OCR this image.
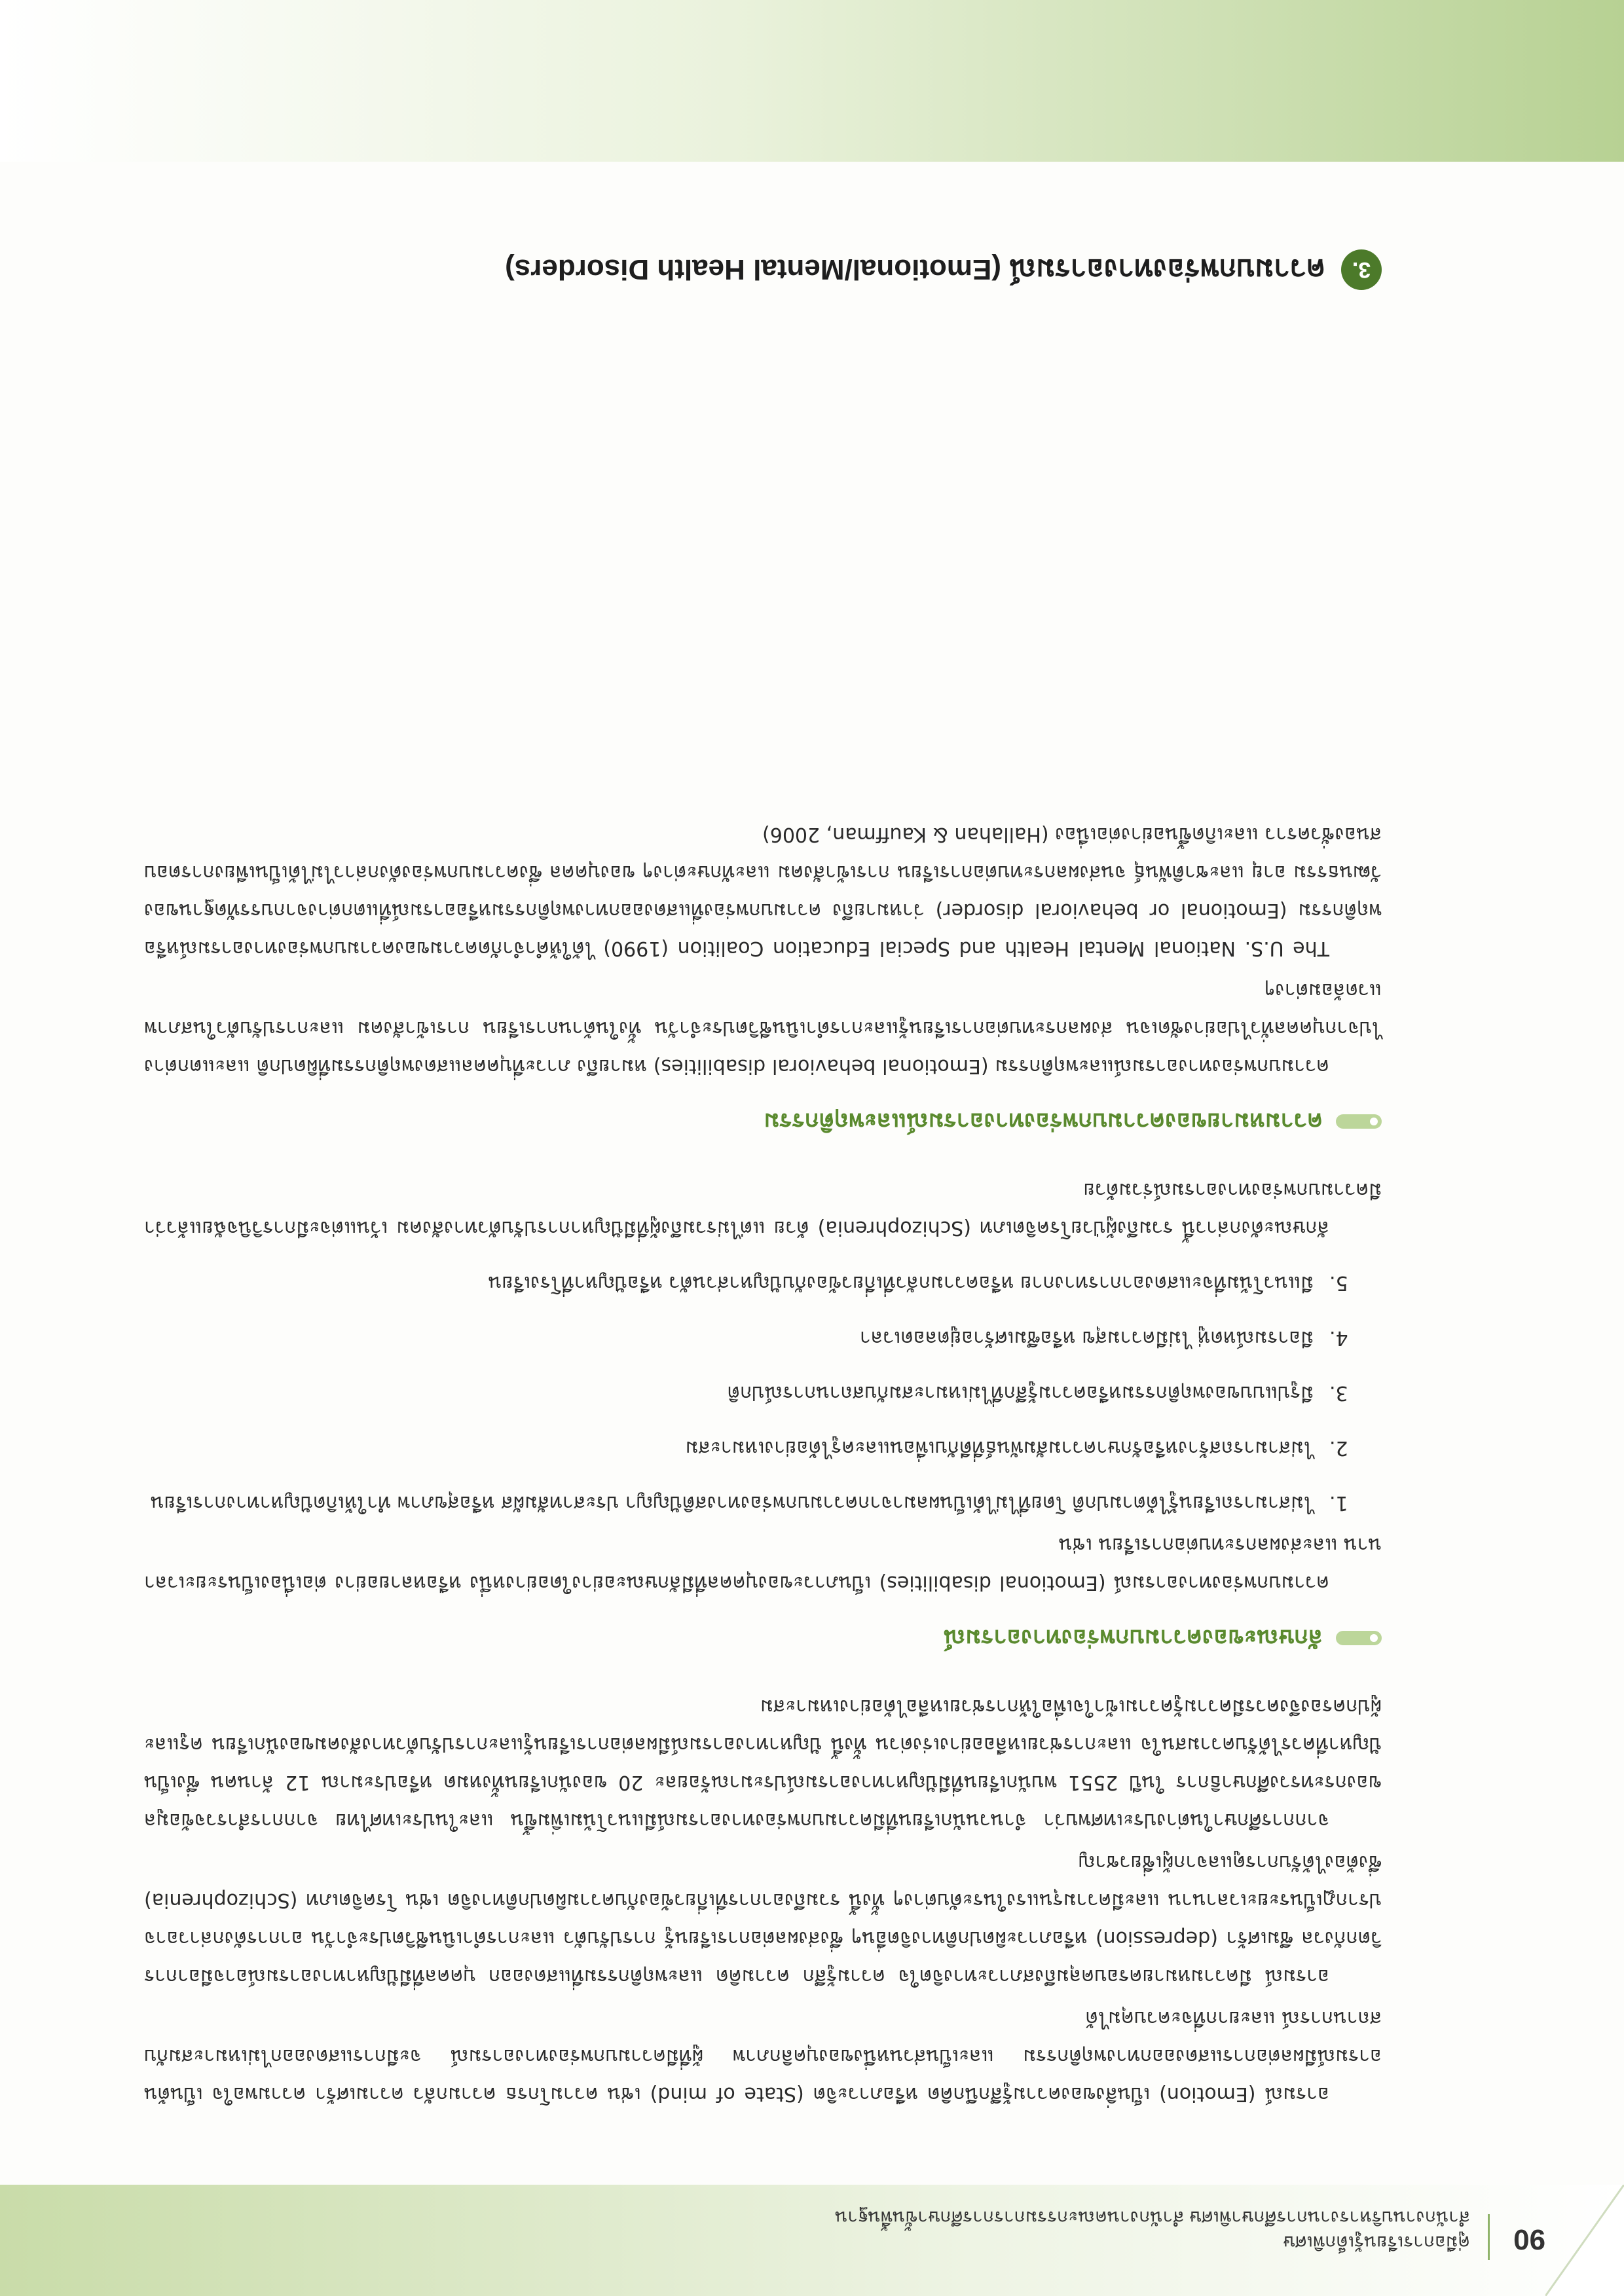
90
คู่มือการเรียนรู้เด็กพิเศษ
สำนักงานบริหารงานการศึกษาพิเศษ สำนักงานคณะกรรมการการศึกษาขั้นพื้นฐาน

อารมณ์ (Emotion) เป็นสิ่งของความรู้สึกนึกคิด หรือภาวะจิต (State of mind) เช่น ความโกรธ ความกลัว ความเศร้า ความพอใจ เป็นต้น อารมณ์มีผลต่อการแสดงออกทางพฤติกรรม และเป็นส่วนหนึ่งของบุคลิกภาพ ผู้ที่มีความบกพร่องทางอารมณ์ จะมีการแสดงออกไม่เหมาะสมกับสถานการณ์ และยากที่จะควบคุมได้

อารมณ์ มีความหมายครอบคลุมถึงสภาวะทางจิตใจ ความรู้สึก ความคิด และพฤติกรรมที่แสดงออก บุคคลที่มีปัญหาทางอารมณ์อาจมีอาการวิตกกังวล ซึมเศร้า (depression) หรือภาวะผิดปกติทางจิตอื่นๆ ซึ่งส่งผลต่อการเรียนรู้ การปรับตัว และการดำเนินชีวิตประจำวัน อาการดังกล่าวอาจปรากฏเป็นระยะเวลานาน และมีความรุนแรงในระดับต่างๆ ทั้งนี้ รวมถึงอาการที่เกี่ยวข้องกับความผิดปกติทางจิต เช่น โรคจิตเภท (Schizophrenia) ซึ่งต้องได้รับการดูแลจากผู้เชี่ยวชาญ

จากการศึกษาในต่างประเทศพบว่า จำนวนนักเรียนที่มีความบกพร่องทางอารมณ์มีแนวโน้มเพิ่มขึ้น และในประเทศไทย จากการสำรวจข้อมูลของกระทรวงศึกษาธิการ ในปี 2551 พบนักเรียนที่มีปัญหาทางอารมณ์ประมาณร้อยละ 20 ของนักเรียนทั้งหมด หรือประมาณ 12 ล้านคน ซึ่งเป็นปัญหาที่ควรได้รับความสนใจ และการช่วยเหลืออย่างเร่งด่วน ทั้งนี้ ปัญหาทางอารมณ์มีผลต่อการเรียนรู้และการปรับตัวทางสังคมของนักเรียน ครูและผู้ปกครองจึงควรมีความรู้ความเข้าใจเพื่อให้การช่วยเหลือได้อย่างเหมาะสม

ลักษณะของความบกพร่องทางอารมณ์

ความบกพร่องทางอารมณ์ (Emotional disabilities) เป็นภาวะของบุคคลที่มีลักษณะอย่างใดอย่างหนึ่ง หรือหลายอย่าง ต่อเนื่องเป็นระยะเวลานาน และส่งผลกระทบต่อการเรียน เช่น

1.
ไม่สามารถเรียนรู้ได้ตามปกติ โดยที่ไม่ได้เป็นผลมาจากความบกพร่องทางสติปัญญา ประสาทสัมผัส หรือสุขภาพ ทำให้เกิดปัญหาทางการเรียน
2.
ไม่สามารถสร้างหรือรักษาความสัมพันธ์ที่ดีกับเพื่อนและครูได้อย่างเหมาะสม
3.
มีรูปแบบของพฤติกรรมหรือความรู้สึกที่ไม่เหมาะสมกับสถานการณ์ปกติ
4.
มีอารมณ์หดหู่ ไม่มีความสุข หรือซึมเศร้าอยู่ตลอดเวลา
5.
มีแนวโน้มที่จะแสดงอาการทางกาย หรือความกลัวที่เกี่ยวข้องกับปัญหาส่วนตัว หรือปัญหาที่โรงเรียน

ลักษณะดังกล่าวนี้ รวมถึงผู้ป่วยโรคจิตเภท (Schizophrenia) ด้วย แต่ไม่รวมถึงผู้ที่มีปัญหาการปรับตัวทางสังคม เว้นแต่จะมีการวินิจฉัยแล้วว่ามีความบกพร่องทางอารมณ์ร่วมด้วย

ความหมายของความบกพร่องทางอารมณ์และพฤติกรรม

ความบกพร่องทางอารมณ์และพฤติกรรม (Emotional behavioral disabilities) หมายถึง ภาวะที่บุคคลแสดงพฤติกรรมที่ผิดปกติ และแตกต่างไปจากบุคคลทั่วไปอย่างชัดเจน ส่งผลกระทบต่อการเรียนรู้และการดำเนินชีวิตประจำวัน ทั้งในด้านการเรียน การเข้าสังคม และการปรับตัวในสภาพแวดล้อมต่างๆ

The U.S. National Mental Health and Special Education Coalition (1990) ได้ให้คำจำกัดความของความบกพร่องทางอารมณ์หรือพฤติกรรม (Emotional or behavioral disorder) ว่าหมายถึง ความบกพร่องที่แสดงออกทางพฤติกรรมหรืออารมณ์ที่แตกต่างจากบรรทัดฐานของวัฒนธรรม อายุ และชาติพันธุ์ จนส่งผลกระทบต่อการเรียน การเข้าสังคม และทักษะต่างๆ ของบุคคล ซึ่งความบกพร่องดังกล่าวไม่ได้เป็นเพียงการตอบสนองชั่วคราว และเกิดขึ้นอย่างต่อเนื่อง (Hallahan & Kauffman, 2006)

3.
ความบกพร่องทางอารมณ์ (Emotional/Mental Health Disorders)
